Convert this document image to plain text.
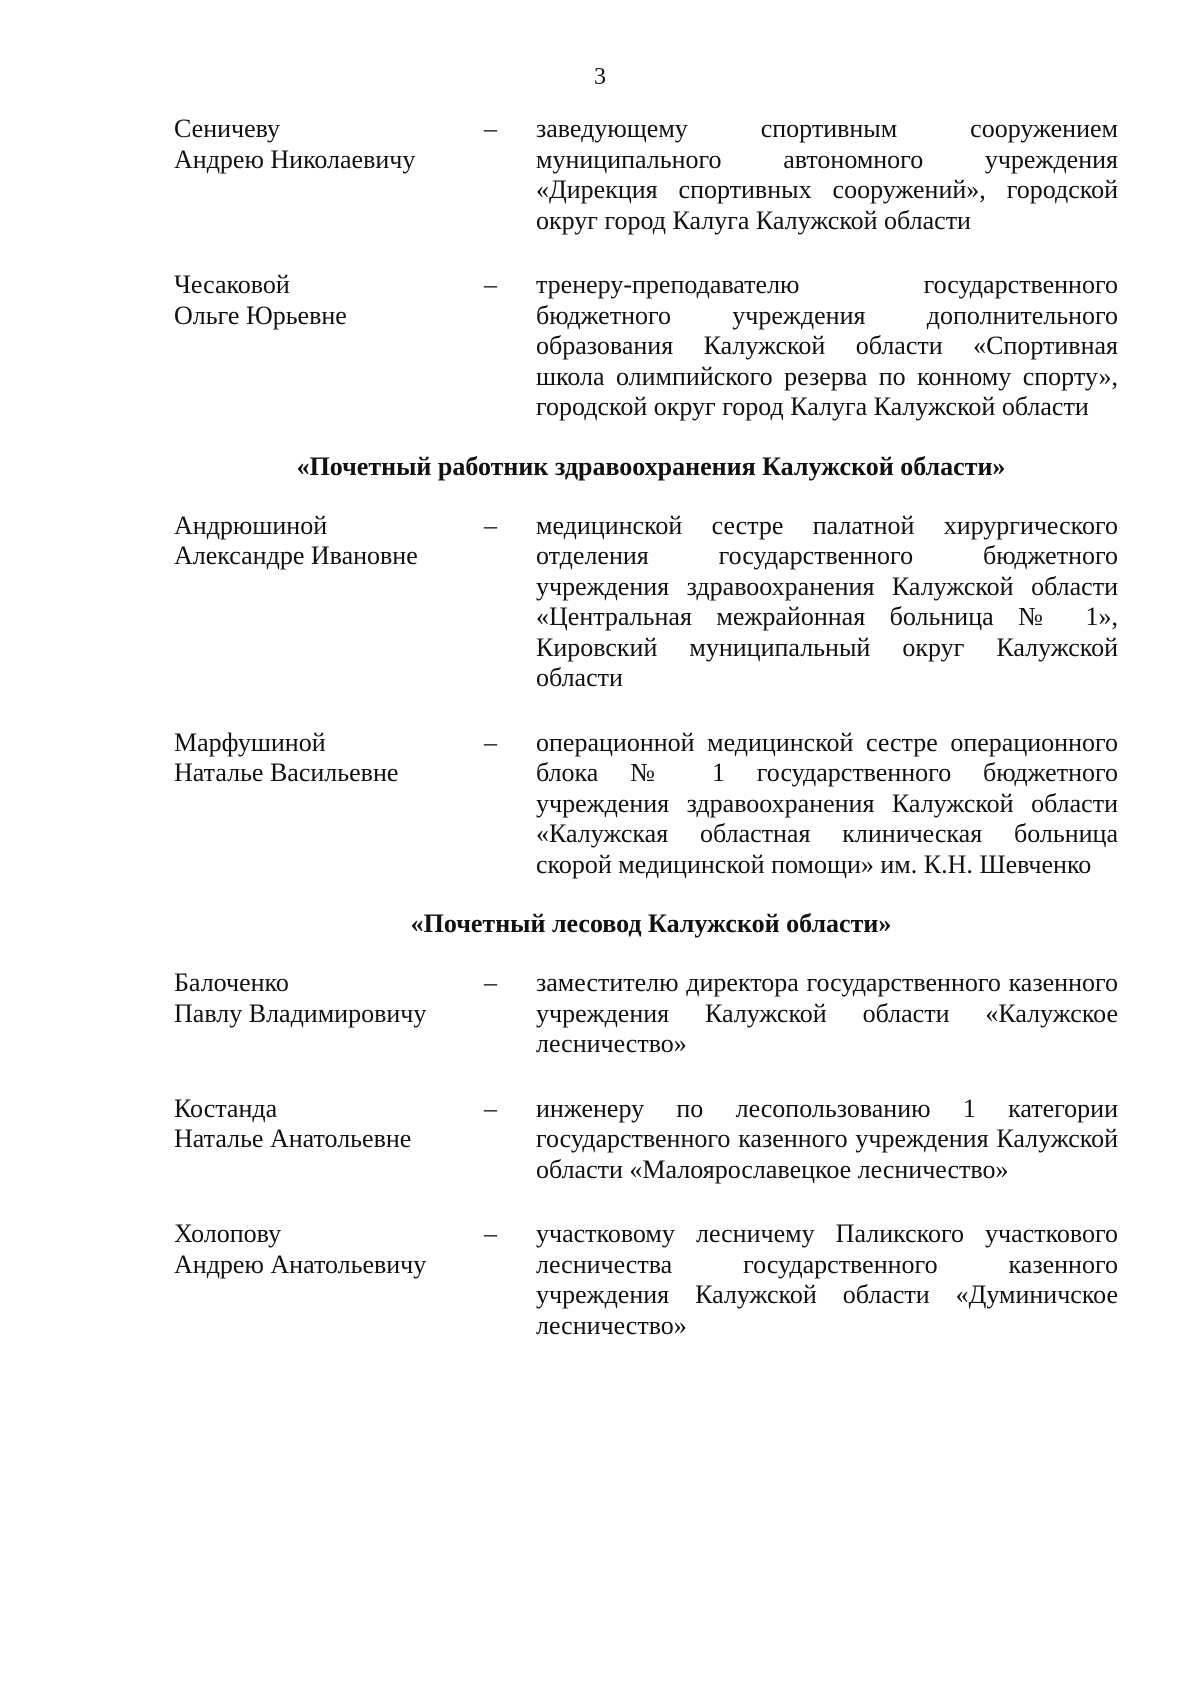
3
Сеничеву
Андрею Николаевичу
–	заведующему спортивным сооружением муниципального автономного учреждения «Дирекция спортивных сооружений», городской округ город Калуга Калужской области
Чесаковой
Ольге Юрьевне
–	тренеру-преподавателю государственного бюджетного учреждения дополнительного образования Калужской области «Спортивная школа олимпийского резерва по конному спорту», городской округ город Калуга Калужской области
«Почетный работник здравоохранения Калужской области»
Андрюшиной
Александре Ивановне
–	медицинской сестре палатной хирургического отделения государственного бюджетного учреждения здравоохранения Калужской области «Центральная межрайонная больница № 1», Кировский муниципальный округ Калужской области
Марфушиной
Наталье Васильевне
–	операционной медицинской сестре операционного блока № 1 государственного бюджетного учреждения здравоохранения Калужской области «Калужская областная клиническая больница скорой медицинской помощи» им. К.Н. Шевченко
«Почетный лесовод Калужской области»
Балоченко
Павлу Владимировичу
–	заместителю директора государственного казенного учреждения Калужской области «Калужское лесничество»
Костанда
Наталье Анатольевне
–	инженеру по лесопользованию 1 категории государственного казенного учреждения Калужской области «Малоярославецкое лесничество»
Холопову
Андрею Анатольевичу
–	участковому лесничему Паликского участкового лесничества государственного казенного учреждения Калужской области «Думиничское лесничество»
